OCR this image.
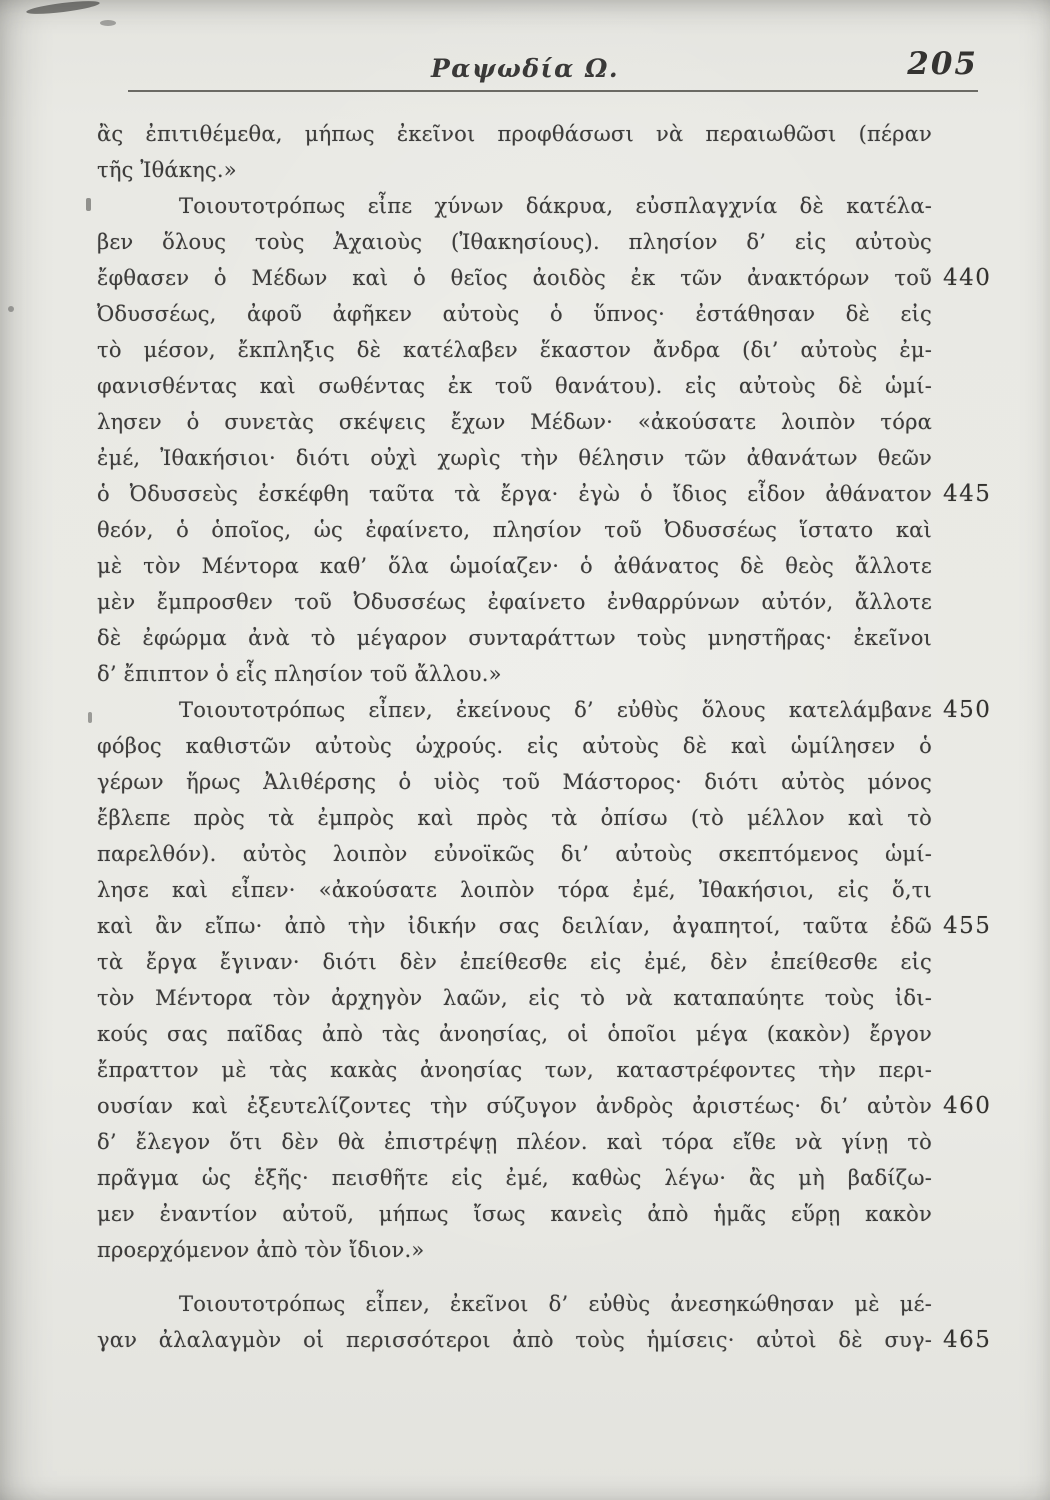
Ραψωδία Ω.	205
ἂς ἐπιτιθέμεθα, μήπως ἐκεῖνοι προφθάσωσι νὰ περαιωθῶσι (πέραν
τῆς Ἰθάκης.»
Τοιουτοτρόπως εἶπε χύνων δάκρυα, εὐσπλαγχνία δὲ κατέλα-
βεν ὅλους τοὺς Ἀχαιοὺς (Ἰθακησίους). πλησίον δ’ εἰς αὐτοὺς
ἔφθασεν ὁ Μέδων καὶ ὁ θεῖος ἀοιδὸς ἐκ τῶν ἀνακτόρων τοῦ 440
Ὀδυσσέως, ἀφοῦ ἀφῆκεν αὐτοὺς ὁ ὕπνος· ἐστάθησαν δὲ εἰς
τὸ μέσον, ἔκπληξις δὲ κατέλαβεν ἕκαστον ἄνδρα (δι’ αὐτοὺς ἐμ-
φανισθέντας καὶ σωθέντας ἐκ τοῦ θανάτου). εἰς αὐτοὺς δὲ ὡμί-
λησεν ὁ συνετὰς σκέψεις ἔχων Μέδων· «ἀκούσατε λοιπὸν τόρα
ἐμέ, Ἰθακήσιοι· διότι οὐχὶ χωρὶς τὴν θέλησιν τῶν ἀθανάτων θεῶν
ὁ Ὀδυσσεὺς ἐσκέφθη ταῦτα τὰ ἔργα· ἐγὼ ὁ ἴδιος εἶδον ἀθάνατον 445
θεόν, ὁ ὁποῖος, ὡς ἐφαίνετο, πλησίον τοῦ Ὀδυσσέως ἵστατο καὶ
μὲ τὸν Μέντορα καθ’ ὅλα ὡμοίαζεν· ὁ ἀθάνατος δὲ θεὸς ἄλλοτε
μὲν ἔμπροσθεν τοῦ Ὀδυσσέως ἐφαίνετο ἐνθαρρύνων αὐτόν, ἄλλοτε
δὲ ἐφώρμα ἀνὰ τὸ μέγαρον συνταράττων τοὺς μνηστῆρας· ἐκεῖνοι
δ’ ἔπιπτον ὁ εἷς πλησίον τοῦ ἄλλου.»
Τοιουτοτρόπως εἶπεν, ἐκείνους δ’ εὐθὺς ὅλους κατελάμβανε 450
φόβος καθιστῶν αὐτοὺς ὠχρούς. εἰς αὐτοὺς δὲ καὶ ὡμίλησεν ὁ
γέρων ἥρως Ἀλιθέρσης ὁ υἱὸς τοῦ Μάστορος· διότι αὐτὸς μόνος
ἔβλεπε πρὸς τὰ ἐμπρὸς καὶ πρὸς τὰ ὀπίσω (τὸ μέλλον καὶ τὸ
παρελθόν). αὐτὸς λοιπὸν εὐνοϊκῶς δι’ αὐτοὺς σκεπτόμενος ὡμί-
λησε καὶ εἶπεν· «ἀκούσατε λοιπὸν τόρα ἐμέ, Ἰθακήσιοι, εἰς ὅ,τι
καὶ ἂν εἴπω· ἀπὸ τὴν ἰδικήν σας δειλίαν, ἀγαπητοί, ταῦτα ἐδῶ 455
τὰ ἔργα ἔγιναν· διότι δὲν ἐπείθεσθε εἰς ἐμέ, δὲν ἐπείθεσθε εἰς
τὸν Μέντορα τὸν ἀρχηγὸν λαῶν, εἰς τὸ νὰ καταπαύητε τοὺς ἰδι-
κούς σας παῖδας ἀπὸ τὰς ἀνοησίας, οἱ ὁποῖοι μέγα (κακὸν) ἔργον
ἔπραττον μὲ τὰς κακὰς ἀνοησίας των, καταστρέφοντες τὴν περι-
ουσίαν καὶ ἐξευτελίζοντες τὴν σύζυγον ἀνδρὸς ἀριστέως· δι’ αὐτὸν 460
δ’ ἔλεγον ὅτι δὲν θὰ ἐπιστρέψῃ πλέον. καὶ τόρα εἴθε νὰ γίνῃ τὸ
πρᾶγμα ὡς ἑξῆς· πεισθῆτε εἰς ἐμέ, καθὼς λέγω· ἂς μὴ βαδίζω-
μεν ἐναντίον αὐτοῦ, μήπως ἴσως κανεὶς ἀπὸ ἡμᾶς εὕρῃ κακὸν
προερχόμενον ἀπὸ τὸν ἴδιον.»
Τοιουτοτρόπως εἶπεν, ἐκεῖνοι δ’ εὐθὺς ἀνεσηκώθησαν μὲ μέ-
γαν ἀλαλαγμὸν οἱ περισσότεροι ἀπὸ τοὺς ἡμίσεις· αὐτοὶ δὲ συγ- 465
